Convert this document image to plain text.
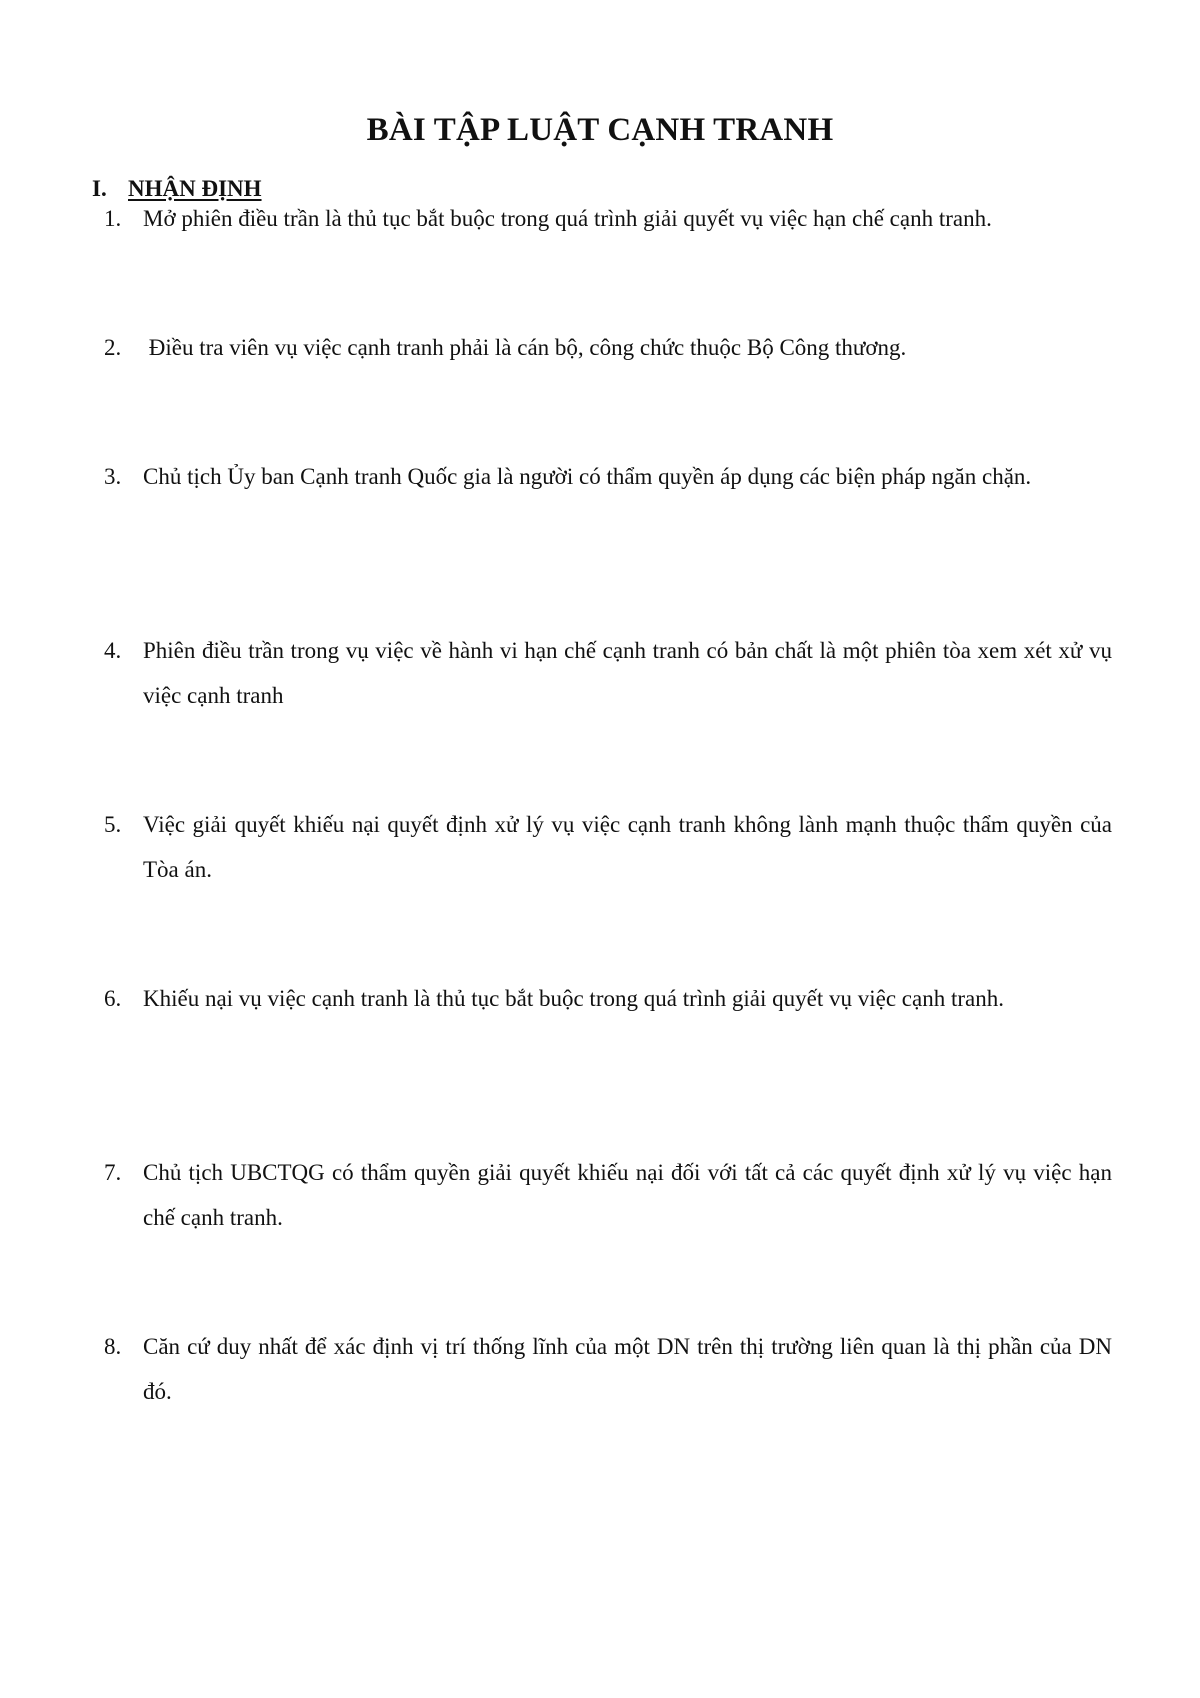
BÀI TẬP LUẬT CẠNH TRANH
I. NHẬN ĐỊNH
1. Mở phiên điều trần là thủ tục bắt buộc trong quá trình giải quyết vụ việc hạn chế cạnh tranh.
2. Điều tra viên vụ việc cạnh tranh phải là cán bộ, công chức thuộc Bộ Công thương.
3. Chủ tịch Ủy ban Cạnh tranh Quốc gia là người có thẩm quyền áp dụng các biện pháp ngăn chặn.
4. Phiên điều trần trong vụ việc về hành vi hạn chế cạnh tranh có bản chất là một phiên tòa xem xét xử vụ việc cạnh tranh
5. Việc giải quyết khiếu nại quyết định xử lý vụ việc cạnh tranh không lành mạnh thuộc thẩm quyền của Tòa án.
6. Khiếu nại vụ việc cạnh tranh là thủ tục bắt buộc trong quá trình giải quyết vụ việc cạnh tranh.
7. Chủ tịch UBCTQG có thẩm quyền giải quyết khiếu nại đối với tất cả các quyết định xử lý vụ việc hạn chế cạnh tranh.
8. Căn cứ duy nhất để xác định vị trí thống lĩnh của một DN trên thị trường liên quan là thị phần của DN đó.
